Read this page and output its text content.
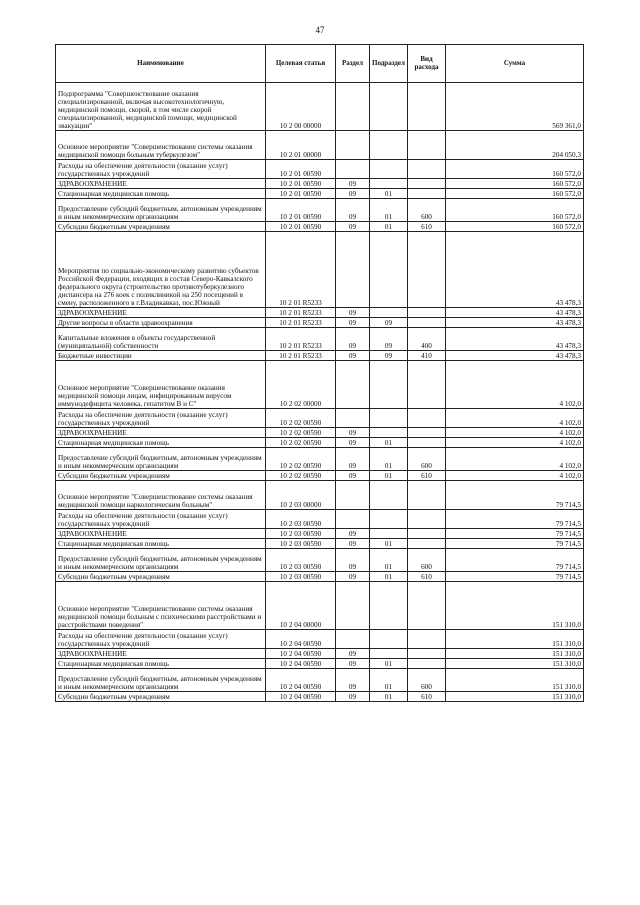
47
Наименование	Целевая статья	Раздел	Подраздел	Вид расхода	Сумма
Подпрограмма "Совершенствование оказания специализированной, включая высокотехнологичную, медицинской помощи, скорой, в том числе скорой специализированной, медицинской помощи, медицинской эвакуации"	10 2 00 00000				569 361,0
Основное мероприятие "Совершенствование системы оказания медицинской помощи больным туберкулезом"	10 2 01 00000				204 050,3
Расходы на обеспечение деятельности (оказание услуг) государственных учреждений	10 2 01 00590				160 572,0
ЗДРАВООХРАНЕНИЕ	10 2 01 00590	09			160 572,0
Стационарная медицинская помощь	10 2 01 00590	09	01		160 572,0
Предоставление субсидий бюджетным, автономным учреждениям и иным некоммерческим организациям	10 2 01 00590	09	01	600	160 572,0
Субсидии бюджетным учреждениям	10 2 01 00590	09	01	610	160 572,0
Мероприятия по социально-экономическому развитию субъектов Российской Федерации, входящих в состав Северо-Кавказского федерального округа (строительство противотуберкулезного диспансера на 276 коек с поликлиникой на 250 посещений в смену, расположенного в г.Владикавказ, пос.Южный	10 2 01 R5233				43 478,3
ЗДРАВООХРАНЕНИЕ	10 2 01 R5233	09			43 478,3
Другие вопросы в области здравоохранения	10 2 01 R5233	09	09		43 478,3
Капитальные вложения в объекты государственной (муниципальной) собственности	10 2 01 R5233	09	09	400	43 478,3
Бюджетные инвестиции	10 2 01 R5233	09	09	410	43 478,3
Основное мероприятие "Совершенствование оказания медицинской помощи лицам, инфицированным вирусом иммунодефицита человека, гепатитом В и С"	10 2 02 00000				4 102,0
Расходы на обеспечение деятельности (оказание услуг) государственных учреждений	10 2 02 00590				4 102,0
ЗДРАВООХРАНЕНИЕ	10 2 02 00590	09			4 102,0
Стационарная медицинская помощь	10 2 02 00590	09	01		4 102,0
Предоставление субсидий бюджетным, автономным учреждениям и иным некоммерческим организациям	10 2 02 00590	09	01	600	4 102,0
Субсидии бюджетным учреждениям	10 2 02 00590	09	01	610	4 102,0
Основное мероприятие "Совершенствование системы оказания медицинской помощи наркологическим больным"	10 2 03 00000				79 714,5
Расходы на обеспечение деятельности (оказание услуг) государственных учреждений	10 2 03 00590				79 714,5
ЗДРАВООХРАНЕНИЕ	10 2 03 00590	09			79 714,5
Стационарная медицинская помощь	10 2 03 00590	09	01		79 714,5
Предоставление субсидий бюджетным, автономным учреждениям и иным некоммерческим организациям	10 2 03 00590	09	01	600	79 714,5
Субсидии бюджетным учреждениям	10 2 03 00590	09	01	610	79 714,5
Основное мероприятие "Совершенствование системы оказания медицинской помощи больным с психическими расстройствами и расстройствами поведения"	10 2 04 00000				151 310,0
Расходы на обеспечение деятельности (оказание услуг) государственных учреждений	10 2 04 00590				151 310,0
ЗДРАВООХРАНЕНИЕ	10 2 04 00590	09			151 310,0
Стационарная медицинская помощь	10 2 04 00590	09	01		151 310,0
Предоставление субсидий бюджетным, автономным учреждениям и иным некоммерческим организациям	10 2 04 00590	09	01	600	151 310,0
Субсидии бюджетным учреждениям	10 2 04 00590	09	01	610	151 310,0
